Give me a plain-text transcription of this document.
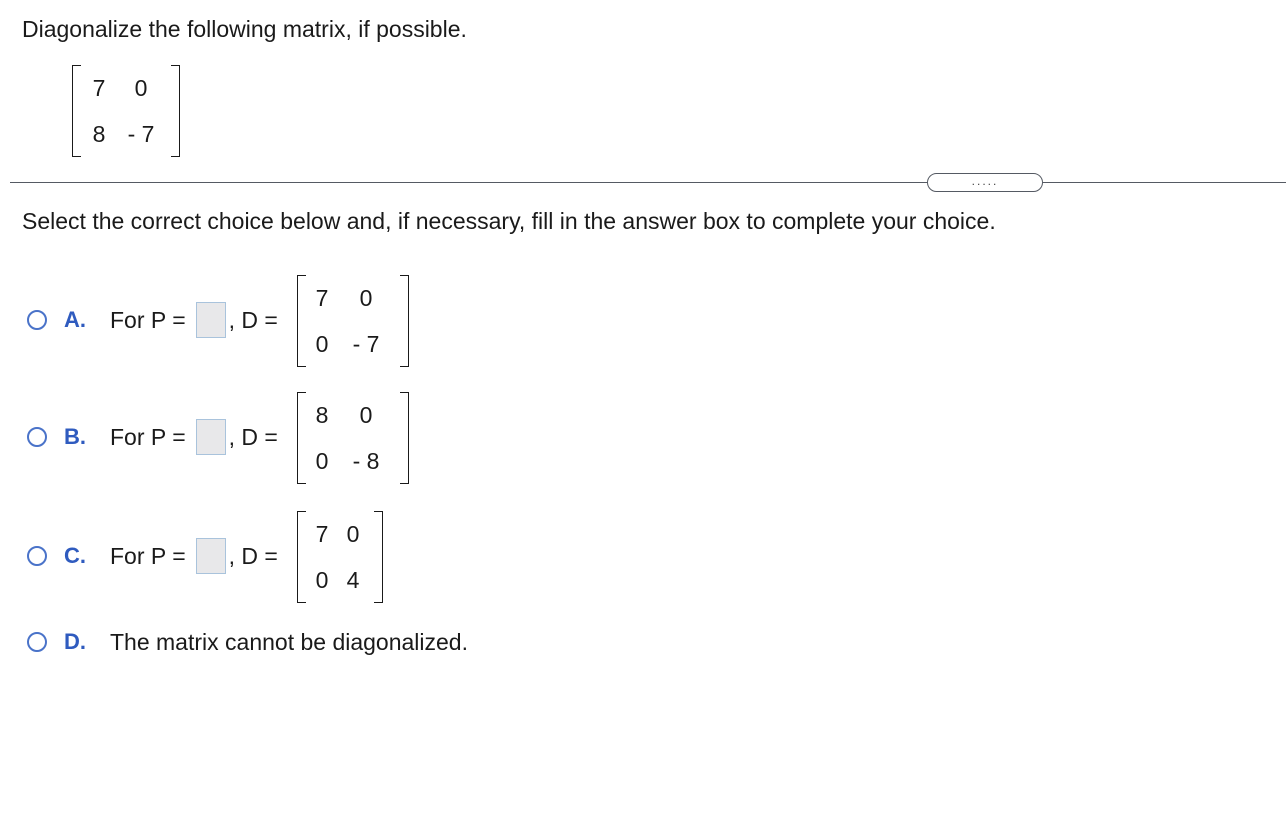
Diagonalize the following matrix, if possible.
7	0
8 - 7
.....
Select the correct choice below and, if necessary, fill in the answer box to complete your choice.
A.	For P = , D =
7	0
0	- 7
B.	For P = , D =
8	0
0	- 8
C.	For P = , D =
7 0
0 4
D.	The matrix cannot be diagonalized.
